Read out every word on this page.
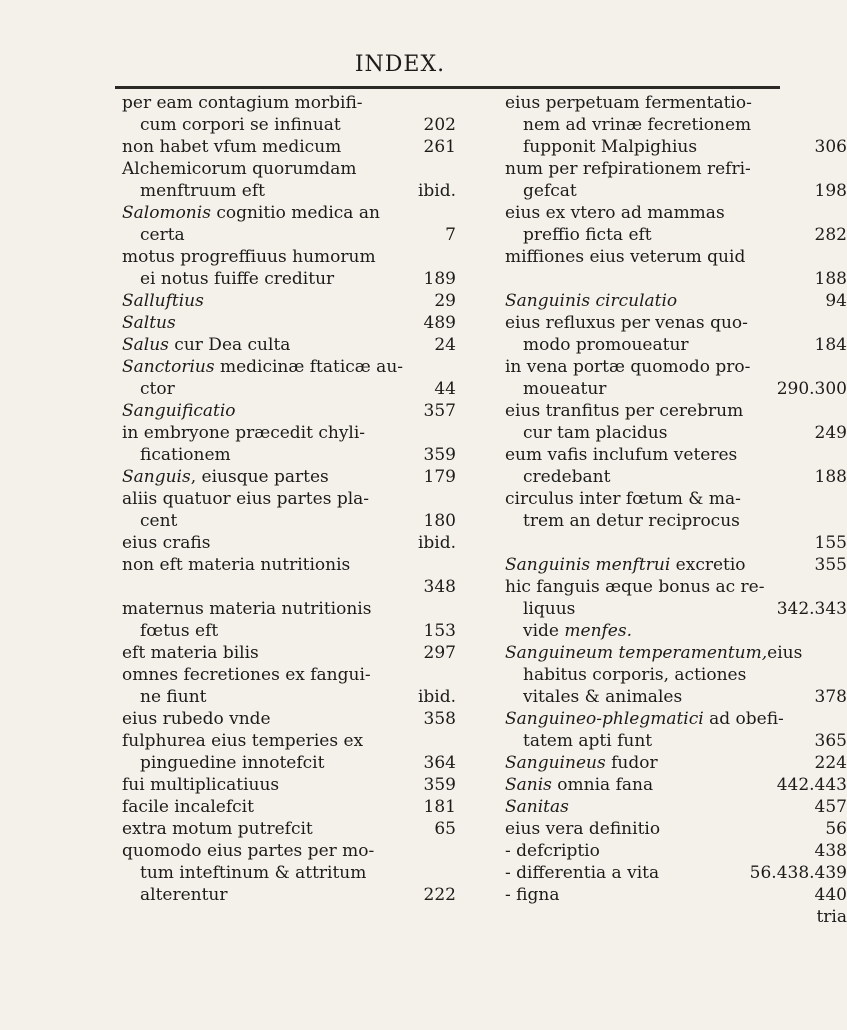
INDEX.
per eam contagium morbifi-
cum corpori se infinuat	202
non habet vfum medicum	261
Alchemicorum quorumdam
menftruum eft	ibid.
Salomonis cognitio medica an
certa	7
motus progreffiuus humorum
ei notus fuiffe creditur	189
Salluftius	29
Saltus	489
Salus cur Dea culta	24
Sanctorius medicinæ ftaticæ au-
ctor	44
Sanguificatio	357
in embryone præcedit chyli-
ficationem	359
Sanguis, eiusque partes	179
aliis quatuor eius partes pla-
cent	180
eius crafis	ibid.
non eft materia nutritionis
348
maternus materia nutritionis
fœtus eft	153
eft materia bilis	297
omnes fecretiones ex fangui-
ne fiunt	ibid.
eius rubedo vnde	358
fulphurea eius temperies ex
pinguedine innotefcit	364
fui multiplicatiuus	359
facile incalefcit	181
extra motum putrefcit	65
quomodo eius partes per mo-
tum inteftinum & attritum
alterentur	222
eius perpetuam fermentatio-
nem ad vrinæ fecretionem
fupponit Malpighius	306
num per refpirationem refri-
gefcat	198
eius ex vtero ad mammas
preffio ficta eft	282
miffiones eius veterum quid
188
Sanguinis circulatio	94
eius refluxus per venas quo-
modo promoueatur	184
in vena portæ quomodo pro-
moueatur	290.300
eius tranfitus per cerebrum
cur tam placidus	249
eum vafis inclufum veteres
credebant	188
circulus inter fœtum & ma-
trem an detur reciprocus
155
Sanguinis menftrui excretio	355
hic fanguis æque bonus ac re-
liquus	342.343
vide menfes.
Sanguineum temperamentum,eius
habitus corporis, actiones
vitales & animales	378
Sanguineo-phlegmatici ad obefi-
tatem apti funt	365
Sanguineus fudor	224
Sanis omnia fana	442.443
Sanitas	457
eius vera definitio	56
- defcriptio	438
- differentia a vita	56.438.439
- figna	440
tria
